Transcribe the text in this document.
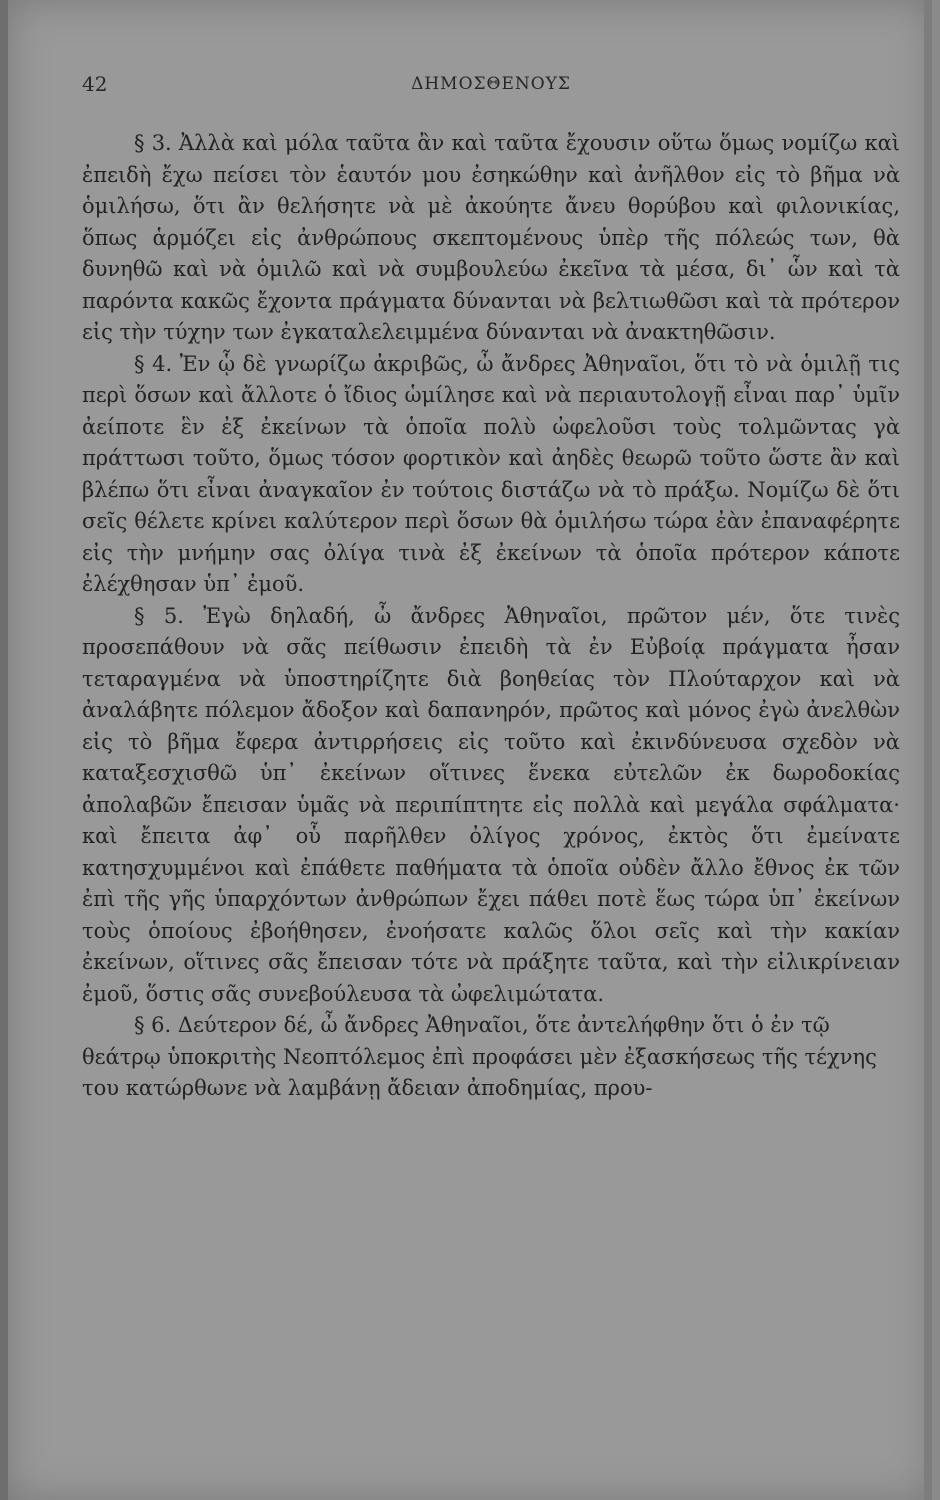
42	ΔΗΜΟΣΘΕΝΟΥΣ

§ 3. Ἀλλὰ καὶ μόλα ταῦτα ἂν καὶ ταῦτα ἔχουσιν οὕτω ὅμως νομίζω καὶ ἐπειδὴ ἔχω πείσει τὸν ἑαυτόν μου ἐσηκώθην καὶ ἀνῆλθον εἰς τὸ βῆμα νὰ ὁμιλήσω, ὅτι ἂν θελήσητε νὰ μὲ ἀκούητε ἄνευ θορύβου καὶ φιλονικίας, ὅπως ἁρμόζει εἰς ἀνθρώπους σκεπτομένους ὑπὲρ τῆς πόλεώς των, θὰ δυνηθῶ καὶ νὰ ὁμιλῶ καὶ νὰ συμβουλεύω ἐκεῖνα τὰ μέσα, δι᾽ ὧν καὶ τὰ παρόντα κακῶς ἔχοντα πράγματα δύνανται νὰ βελτιωθῶσι καὶ τὰ πρότερον εἰς τὴν τύχην των ἐγκαταλελειμμένα δύνανται νὰ ἀνακτηθῶσιν.

§ 4. Ἐν ᾧ δὲ γνωρίζω ἀκριβῶς, ὦ ἄνδρες Ἀθηναῖοι, ὅτι τὸ νὰ ὁμιλῇ τις περὶ ὅσων καὶ ἄλλοτε ὁ ἴδιος ὡμίλησε καὶ νὰ περιαυτολογῇ εἶναι παρ᾽ ὑμῖν ἀείποτε ἓν ἐξ ἐκείνων τὰ ὁποῖα πολὺ ὠφελοῦσι τοὺς τολμῶντας γὰ πράττωσι τοῦτο, ὅμως τόσον φορτικὸν καὶ ἀηδὲς θεωρῶ τοῦτο ὥστε ἂν καὶ βλέπω ὅτι εἶναι ἀναγκαῖον ἐν τούτοις διστάζω νὰ τὸ πράξω. Νομίζω δὲ ὅτι σεῖς θέλετε κρίνει καλύτερον περὶ ὅσων θὰ ὁμιλήσω τώρα ἐὰν ἐπαναφέρητε εἰς τὴν μνήμην σας ὀλίγα τινὰ ἐξ ἐκείνων τὰ ὁποῖα πρότερον κάποτε ἐλέχθησαν ὑπ᾽ ἐμοῦ.

§ 5. Ἐγὼ δηλαδή, ὦ ἄνδρες Ἀθηναῖοι, πρῶτον μέν, ὅτε τινὲς προσεπάθουν νὰ σᾶς πείθωσιν ἐπειδὴ τὰ ἐν Εὐβοίᾳ πράγματα ἦσαν τεταραγμένα νὰ ὑποστηρίζητε διὰ βοηθείας τὸν Πλούταρχον καὶ νὰ ἀναλάβητε πόλεμον ἄδοξον καὶ δαπανηρόν, πρῶτος καὶ μόνος ἐγὼ ἀνελθὼν εἰς τὸ βῆμα ἔφερα ἀντιρρήσεις εἰς τοῦτο καὶ ἐκινδύνευσα σχεδὸν νὰ καταξεσχισθῶ ὑπ᾽ ἐκείνων οἵτινες ἕνεκα εὐτελῶν ἐκ δωροδοκίας ἀπολαβῶν ἔπεισαν ὑμᾶς νὰ περιπίπτητε εἰς πολλὰ καὶ μεγάλα σφάλματα· καὶ ἔπειτα ἀφ᾽ οὗ παρῆλθεν ὀλίγος χρόνος, ἐκτὸς ὅτι ἐμείνατε κατησχυμμένοι καὶ ἐπάθετε παθήματα τὰ ὁποῖα οὐδὲν ἄλλο ἔθνος ἐκ τῶν ἐπὶ τῆς γῆς ὑπαρχόντων ἀνθρώπων ἔχει πάθει ποτὲ ἕως τώρα ὑπ᾽ ἐκείνων τοὺς ὁποίους ἐβοήθησεν, ἐνοήσατε καλῶς ὅλοι σεῖς καὶ τὴν κακίαν ἐκείνων, οἵτινες σᾶς ἔπεισαν τότε νὰ πράξητε ταῦτα, καὶ τὴν εἰλικρίνειαν ἐμοῦ, ὅστις σᾶς συνεβούλευσα τὰ ὠφελιμώτατα.

§ 6. Δεύτερον δέ, ὦ ἄνδρες Ἀθηναῖοι, ὅτε ἀντελήφθην ὅτι ὁ ἐν τῷ θεάτρῳ ὑποκριτὴς Νεοπτόλεμος ἐπὶ προφάσει μὲν ἐξασκήσεως τῆς τέχνης του κατώρθωνε νὰ λαμβάνῃ ἄδειαν ἀποδημίας, πρου-
